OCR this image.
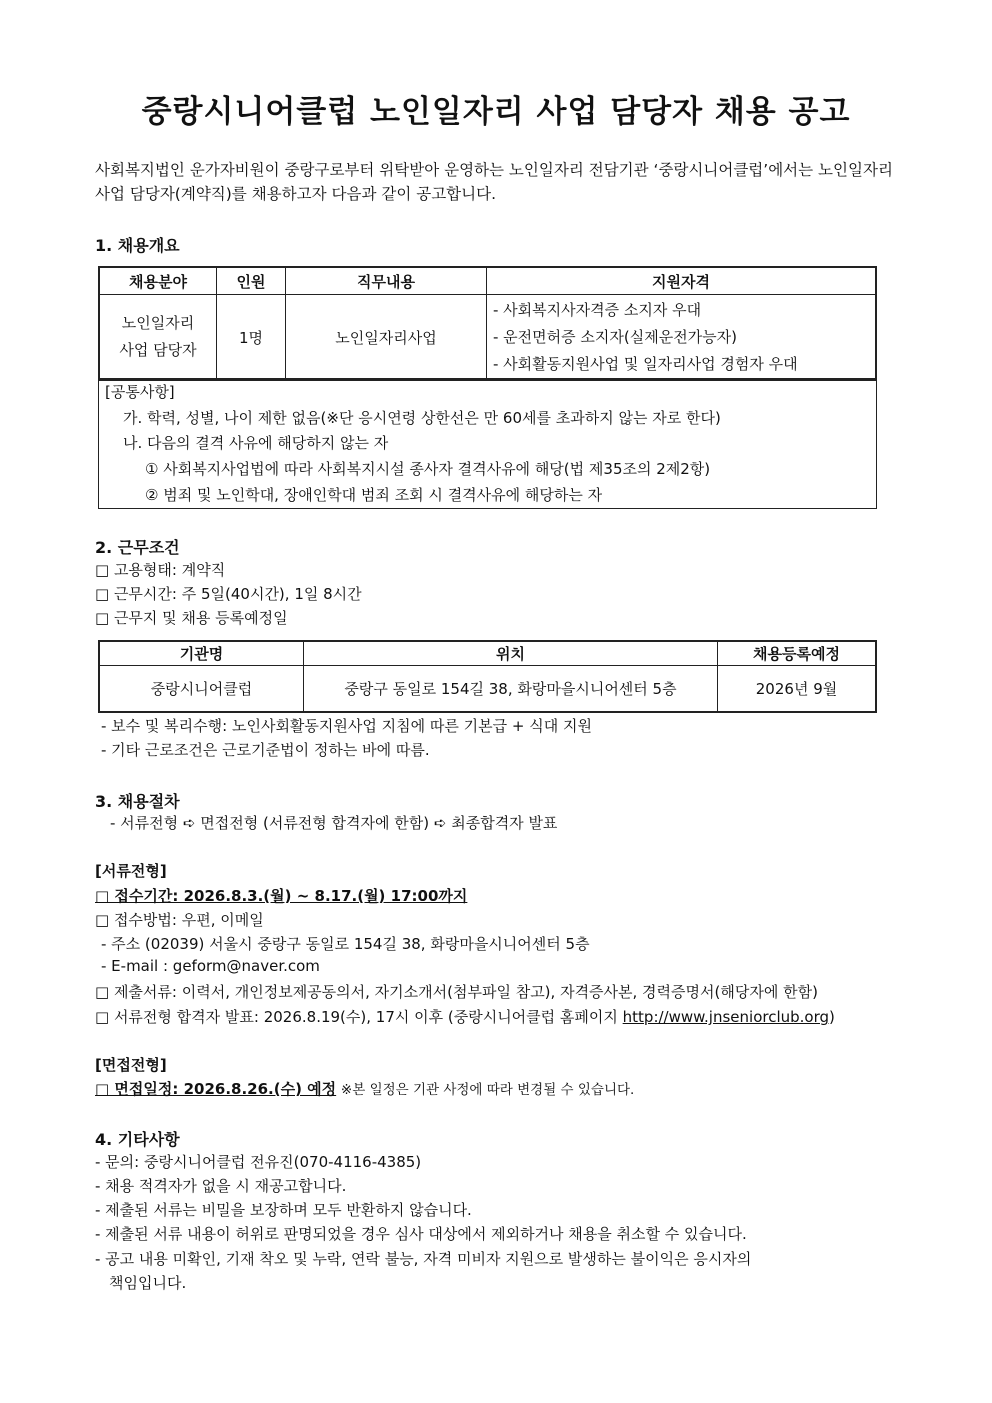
중랑시니어클럽 노인일자리 사업 담당자 채용 공고
사회복지법인 운가자비원이 중랑구로부터 위탁받아 운영하는 노인일자리 전담기관 ‘중랑시니어클럽’에서는 노인일자리 사업 담당자(계약직)를 채용하고자 다음과 같이 공고합니다.
1. 채용개요
채용분야	인원	직무내용	지원자격

노인일자리 사업 담당자	1명	노인일자리사업	- 사회복지사자격증 소지자 우대
- 운전면허증 소지자(실제운전가능자)
- 사회활동지원사업 및 일자리사업 경험자 우대
[공통사항]
가. 학력, 성별, 나이 제한 없음(※단 응시연령 상한선은 만 60세를 초과하지 않는 자로 한다)
나. 다음의 결격 사유에 해당하지 않는 자
① 사회복지사업법에 따라 사회복지시설 종사자 결격사유에 해당(법 제35조의 2제2항)
② 범죄 및 노인학대, 장애인학대 범죄 조회 시 결격사유에 해당하는 자
2. 근무조건
□ 고용형태: 계약직
□ 근무시간: 주 5일(40시간), 1일 8시간
□ 근무지 및 채용 등록예정일
기관명	위치	채용등록예정
중랑시니어클럽	중랑구 동일로 154길 38, 화랑마을시니어센터 5층	2026년 9월
- 보수 및 복리수행: 노인사회활동지원사업 지침에 따른 기본급 + 식대 지원
- 기타 근로조건은 근로기준법이 정하는 바에 따름.
3. 채용절차
- 서류전형 ➪ 면접전형 (서류전형 합격자에 한함) ➪ 최종합격자 발표
[서류전형]
□ 접수기간: 2026.8.3.(월) ~ 8.17.(월) 17:00까지
□ 접수방법: 우편, 이메일
- 주소 (02039) 서울시 중랑구 동일로 154길 38, 화랑마을시니어센터 5층
- E-mail : geform@naver.com
□ 제출서류: 이력서, 개인정보제공동의서, 자기소개서(첨부파일 참고), 자격증사본, 경력증명서(해당자에 한함)
□ 서류전형 합격자 발표: 2026.8.19(수), 17시 이후 (중랑시니어클럽 홈페이지 http://www.jnseniorclub.org)
[면접전형]
□ 면접일정: 2026.8.26.(수) 예정 ※본 일정은 기관 사정에 따라 변경될 수 있습니다.
4. 기타사항
- 문의: 중랑시니어클럽 전유진(070-4116-4385)
- 채용 적격자가 없을 시 재공고합니다.
- 제출된 서류는 비밀을 보장하며 모두 반환하지 않습니다.
- 제출된 서류 내용이 허위로 판명되었을 경우 심사 대상에서 제외하거나 채용을 취소할 수 있습니다.
- 공고 내용 미확인, 기재 착오 및 누락, 연락 불능, 자격 미비자 지원으로 발생하는 불이익은 응시자의
책임입니다.
